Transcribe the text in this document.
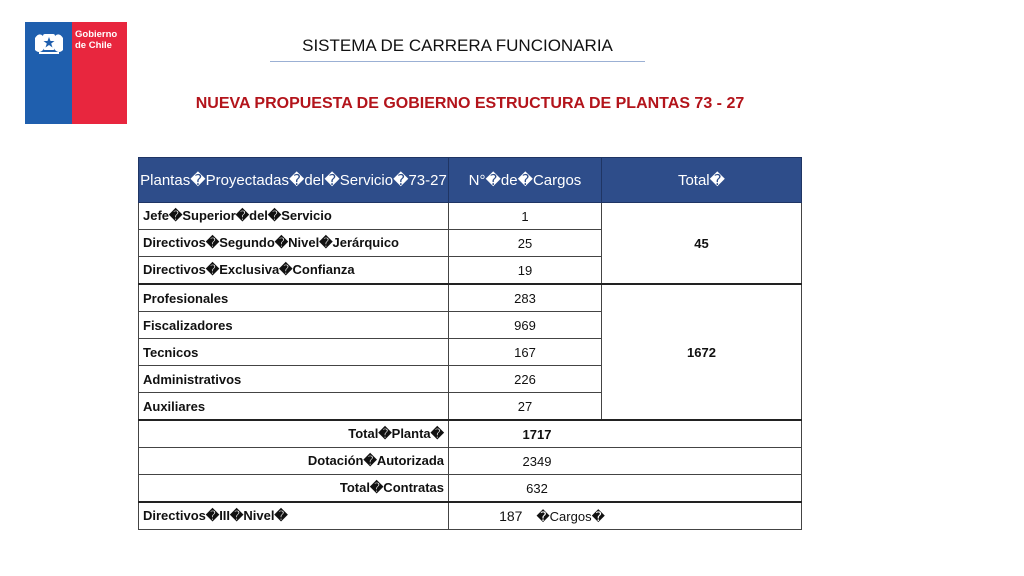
Gobierno
de Chile	SISTEMA DE CARRERA FUNCIONARIA
NUEVA PROPUESTA DE GOBIERNO ESTRUCTURA DE PLANTAS 73 - 27
Plantas�Proyectadas�del�Servicio�73-27	N°�de�Cargos	Total�
Jefe�Superior�del�Servicio	1	45
Directivos�Segundo�Nivel�Jerárquico	25	
Directivos�Exclusiva�Confianza	19	
Profesionales	283	1672
Fiscalizadores	969	
Tecnicos	167	
Administrativos	226	
Auxiliares	27	
Total�Planta�	1717	
Dotación�Autorizada	2349	
Total�Contratas	632	
Directivos�III�Nivel�	187 �Cargos�	
